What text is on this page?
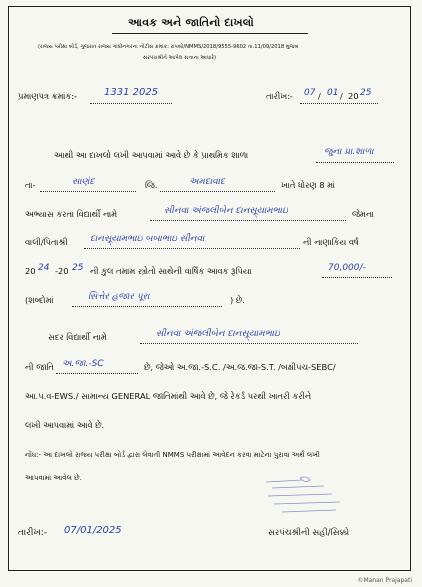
આવક અને જાતિનો દાખલો
(રાજ્ય પરીક્ષા બોર્ડ, ગુજરાત રાજ્ય ગાંધીનગરના નોટીસ ક્રમાંક: રાપબો/NMMS/2018/9555-9602 તા.11/09/2018 મુજબ
સરપંચશ્રીને આપેલ સત્તાના આધારે)
પ્રમાણપત્ર ક્રમાંક:-	1331 2025	તારીખ:- 07 / 01 / 20 25
આથી આ દાખલો લખી આપવામાં આવે છે કે પ્રાથમિક શાળા	જુના પ્રા.શાળા
તા-	સાણંદ	જિ.	અમદાવાદ	ખાતે ધોરણ 8 માં
અભ્યાસ કરતા વિદ્યાર્થી નામે	સીનવા અંજલીબેન દાનસૂ્યામભાઇ	જેમના
વાલી/પિતાશ્રી દાનસૂ્યામભાઇ બબાભાઇ સીનવા	ની નાણાકિય વર્ષ
20 24 -20 25 ની કુલ તમામ સ્ત્રોતો સાથેની વાર્ષિક આવક રૂપિયા	70,000/-
(શબ્દોમાં	સિત્તેર હજાર પૂરા	) છે.
સદર વિદ્યાર્થી નામે	સીનવા અંજલીબેન દાનસૂ્યામભાઇ
ની જાતિ અ.જા.-SC	છે, જેઓ અ.જા.-S.C. /અ.જ.જા-S.T. /બક્ષીપંચ-SEBC/
આ.પ.વ-EWS./ સામાન્ય GENERAL જાતિમાંથી આવે છે, જે રેકર્ડ પરથી ખાતરી કરીને
લખી આપવામાં આવે છે.
નોંધ:- આ દાખલો રાજ્ય પરીક્ષા બોર્ડ દ્વારા લેવાતી NMMS પરીક્ષામાં આવેદન કરવા માટેના પુરાવા અર્થે લખી
આપવામાં આવેલ છે.
તારીખ:- 07/01/2025	સરપંચશ્રીની સહી/સિક્કો
©Manan Prajapati
